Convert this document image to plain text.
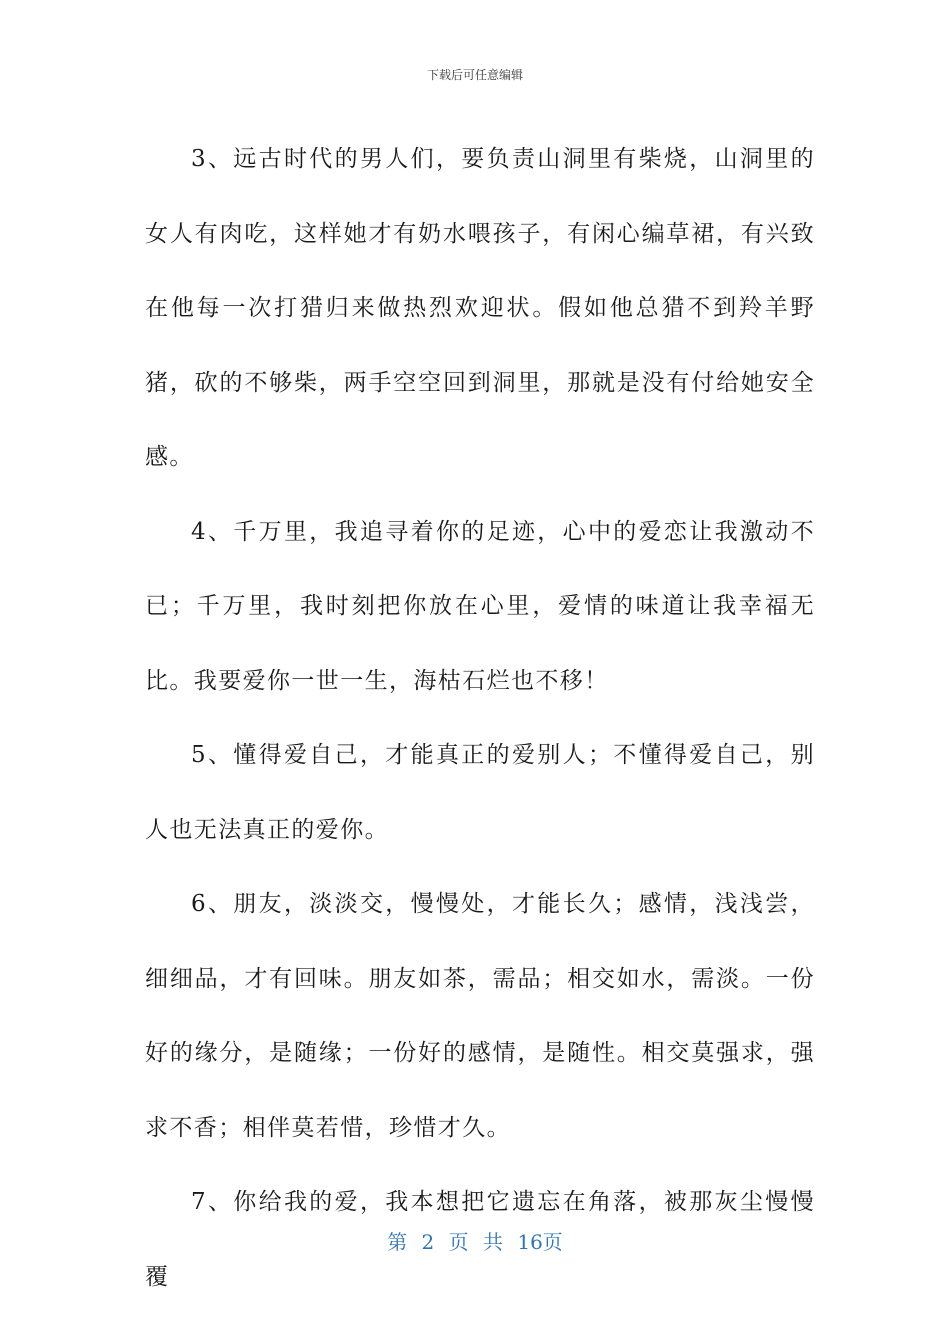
下载后可任意编辑

3、远古时代的男人们，要负责山洞里有柴烧，山洞里的女人有肉吃，这样她才有奶水喂孩子，有闲心编草裙，有兴致在他每一次打猎归来做热烈欢迎状。假如他总猎不到羚羊野猪，砍的不够柴，两手空空回到洞里，那就是没有付给她安全感。

4、千万里，我追寻着你的足迹，心中的爱恋让我激动不已；千万里，我时刻把你放在心里，爱情的味道让我幸福无比。我要爱你一世一生，海枯石烂也不移！

5、懂得爱自己，才能真正的爱别人；不懂得爱自己，别人也无法真正的爱你。

6、朋友，淡淡交，慢慢处，才能长久；感情，浅浅尝，细细品，才有回味。朋友如茶，需品；相交如水，需淡。一份好的缘分，是随缘；一份好的感情，是随性。相交莫强求，强求不香；相伴莫若惜，珍惜才久。

7、你给我的爱，我本想把它遗忘在角落，被那灰尘慢慢覆

第 2 页 共 16页
